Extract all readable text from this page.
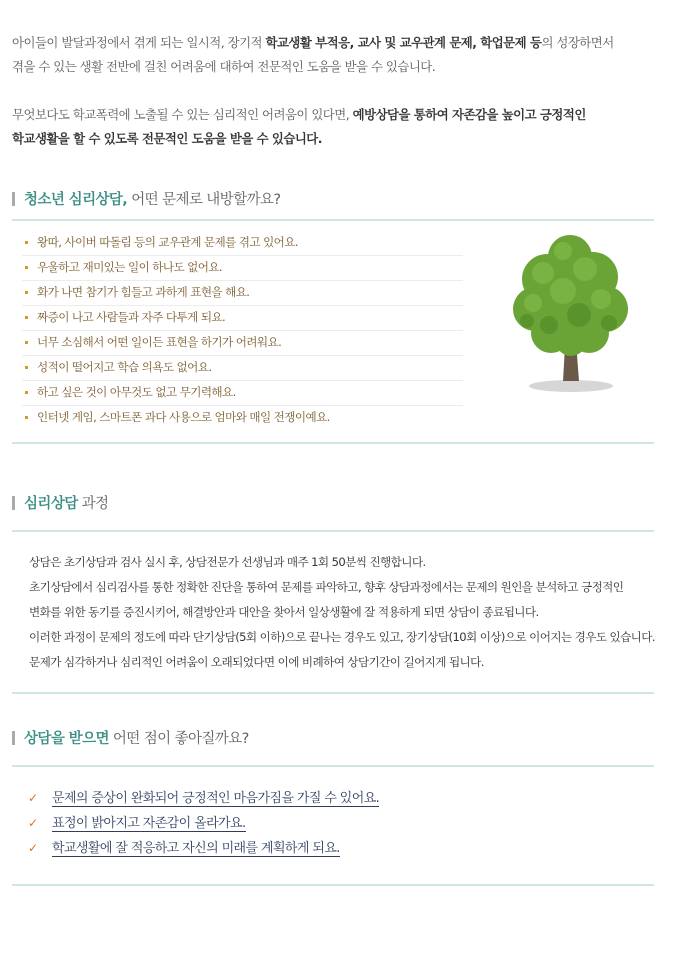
아이들이 발달과정에서 겪게 되는 일시적, 장기적 학교생활 부적응, 교사 및 교우관계 문제, 학업문제 등의 성장하면서
겪을 수 있는 생활 전반에 걸친 어려움에 대하여 전문적인 도움을 받을 수 있습니다.
무엇보다도 학교폭력에 노출될 수 있는 심리적인 어려움이 있다면, 예방상담을 통하여 자존감을 높이고 긍정적인
학교생활을 할 수 있도록 전문적인 도움을 받을 수 있습니다.
청소년 심리상담, 어떤 문제로 내방할까요?
왕따, 사이버 따돌림 등의 교우관계 문제를 겪고 있어요.
우울하고 재미있는 일이 하나도 없어요.
화가 나면 참기가 힘들고 과하게 표현을 해요.
짜증이 나고 사람들과 자주 다투게 되요.
너무 소심해서 어떤 일이든 표현을 하기가 어려워요.
성적이 떨어지고 학습 의욕도 없어요.
하고 싶은 것이 아무것도 없고 무기력해요.
인터넷 게임, 스마트폰 과다 사용으로 엄마와 매일 전쟁이예요.
심리상담 과정
상담은 초기상담과 검사 실시 후, 상담전문가 선생님과 매주 1회 50분씩 진행합니다.
초기상담에서 심리검사를 통한 정확한 진단을 통하여 문제를 파악하고, 향후 상담과정에서는 문제의 원인을 분석하고 긍정적인
변화를 위한 동기를 증진시키어, 해결방안과 대안을 찾아서 일상생활에 잘 적용하게 되면 상담이 종료됩니다.
이러한 과정이 문제의 정도에 따라 단기상담(5회 이하)으로 끝나는 경우도 있고, 장기상담(10회 이상)으로 이어지는 경우도 있습니다.
문제가 심각하거나 심리적인 어려움이 오래되었다면 이에 비례하여 상담기간이 길어지게 됩니다.
상담을 받으면 어떤 점이 좋아질까요?
✓ 문제의 증상이 완화되어 긍정적인 마음가짐을 가질 수 있어요.
✓ 표정이 밝아지고 자존감이 올라가요.
✓ 학교생활에 잘 적응하고 자신의 미래를 계획하게 되요.
